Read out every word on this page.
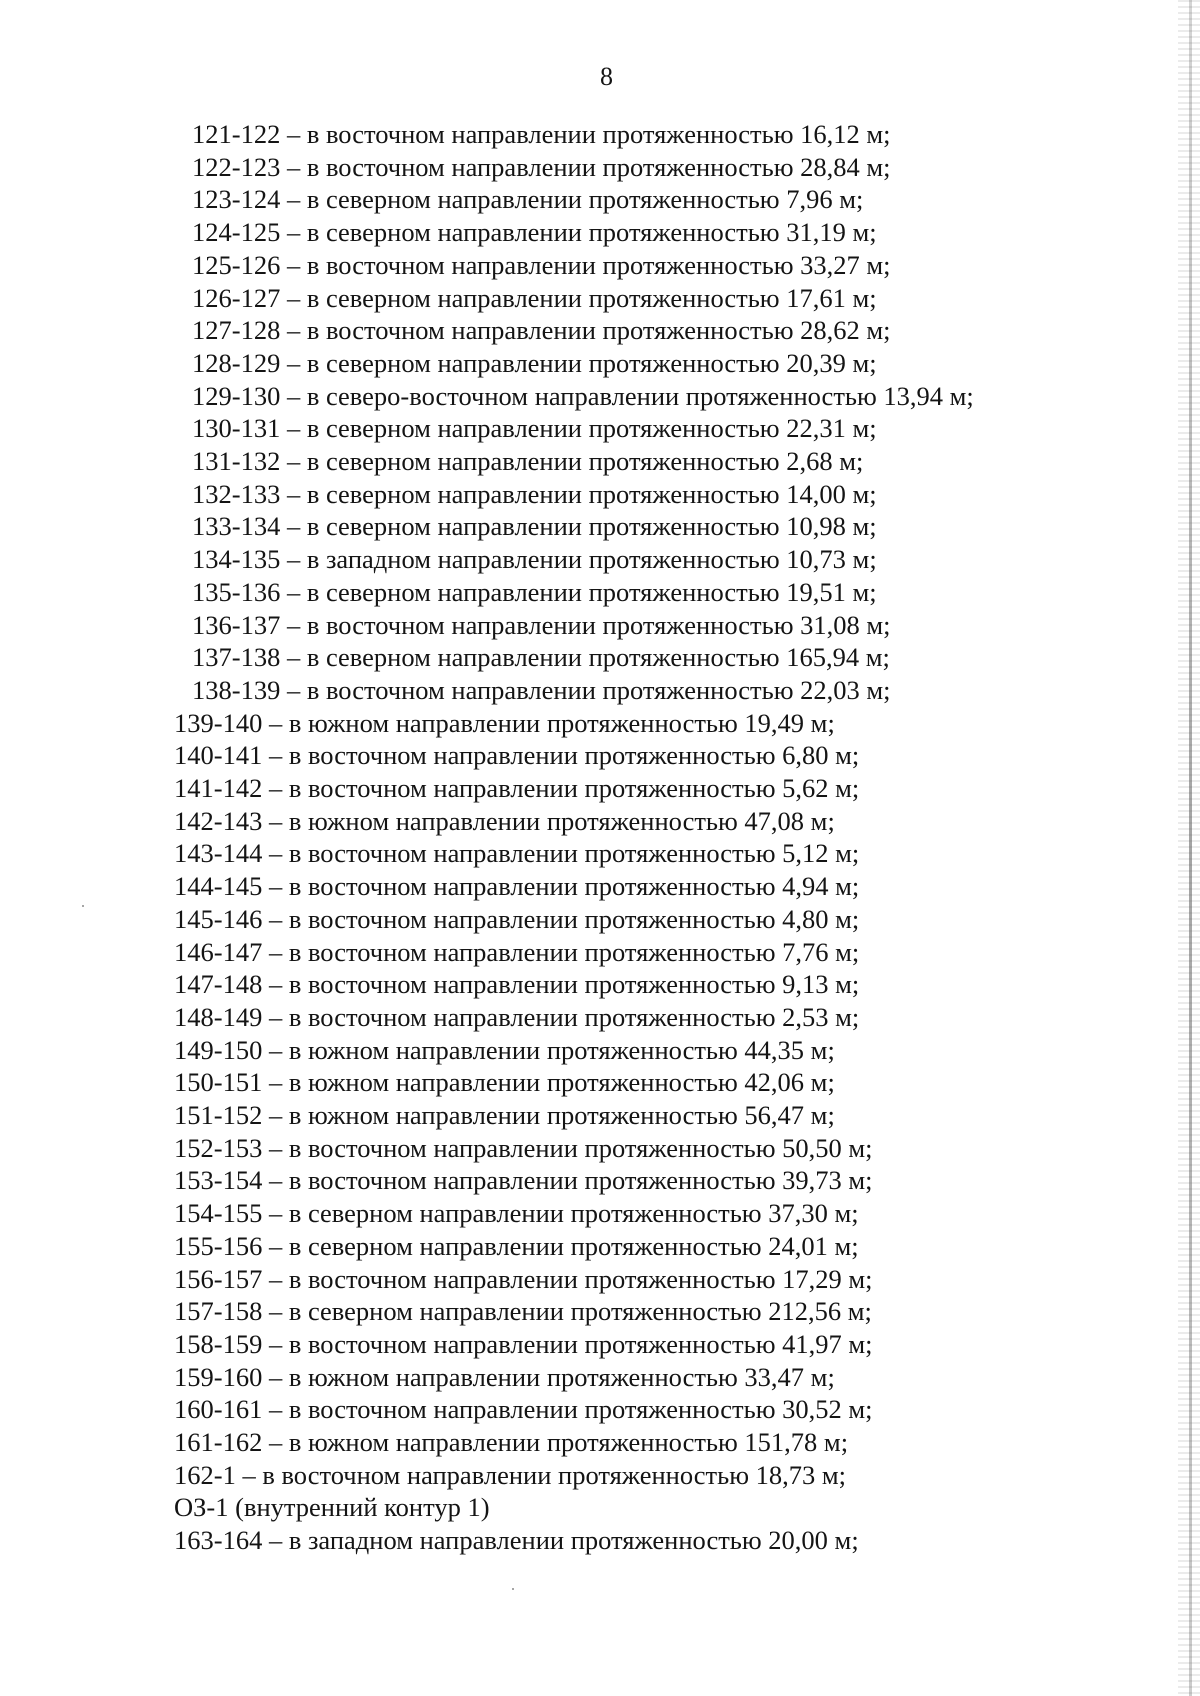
8
121-122 – в восточном направлении протяженностью 16,12 м;
122-123 – в восточном направлении протяженностью 28,84 м;
123-124 – в северном направлении протяженностью 7,96 м;
124-125 – в северном направлении протяженностью 31,19 м;
125-126 – в восточном направлении протяженностью 33,27 м;
126-127 – в северном направлении протяженностью 17,61 м;
127-128 – в восточном направлении протяженностью 28,62 м;
128-129 – в северном направлении протяженностью 20,39 м;
129-130 – в северо-восточном направлении протяженностью 13,94 м;
130-131 – в северном направлении протяженностью 22,31 м;
131-132 – в северном направлении протяженностью 2,68 м;
132-133 – в северном направлении протяженностью 14,00 м;
133-134 – в северном направлении протяженностью 10,98 м;
134-135 – в западном направлении протяженностью 10,73 м;
135-136 – в северном направлении протяженностью 19,51 м;
136-137 – в восточном направлении протяженностью 31,08 м;
137-138 – в северном направлении протяженностью 165,94 м;
138-139 – в восточном направлении протяженностью 22,03 м;
139-140 – в южном направлении протяженностью 19,49 м;
140-141 – в восточном направлении протяженностью 6,80 м;
141-142 – в восточном направлении протяженностью 5,62 м;
142-143 – в южном направлении протяженностью 47,08 м;
143-144 – в восточном направлении протяженностью 5,12 м;
144-145 – в восточном направлении протяженностью 4,94 м;
145-146 – в восточном направлении протяженностью 4,80 м;
146-147 – в восточном направлении протяженностью 7,76 м;
147-148 – в восточном направлении протяженностью 9,13 м;
148-149 – в восточном направлении протяженностью 2,53 м;
149-150 – в южном направлении протяженностью 44,35 м;
150-151 – в южном направлении протяженностью 42,06 м;
151-152 – в южном направлении протяженностью 56,47 м;
152-153 – в восточном направлении протяженностью 50,50 м;
153-154 – в восточном направлении протяженностью 39,73 м;
154-155 – в северном направлении протяженностью 37,30 м;
155-156 – в северном направлении протяженностью 24,01 м;
156-157 – в восточном направлении протяженностью 17,29 м;
157-158 – в северном направлении протяженностью 212,56 м;
158-159 – в восточном направлении протяженностью 41,97 м;
159-160 – в южном направлении протяженностью 33,47 м;
160-161 – в восточном направлении протяженностью 30,52 м;
161-162 – в южном направлении протяженностью 151,78 м;
162-1 – в восточном направлении протяженностью 18,73 м;
ОЗ-1 (внутренний контур 1)
163-164 – в западном направлении протяженностью 20,00 м;
